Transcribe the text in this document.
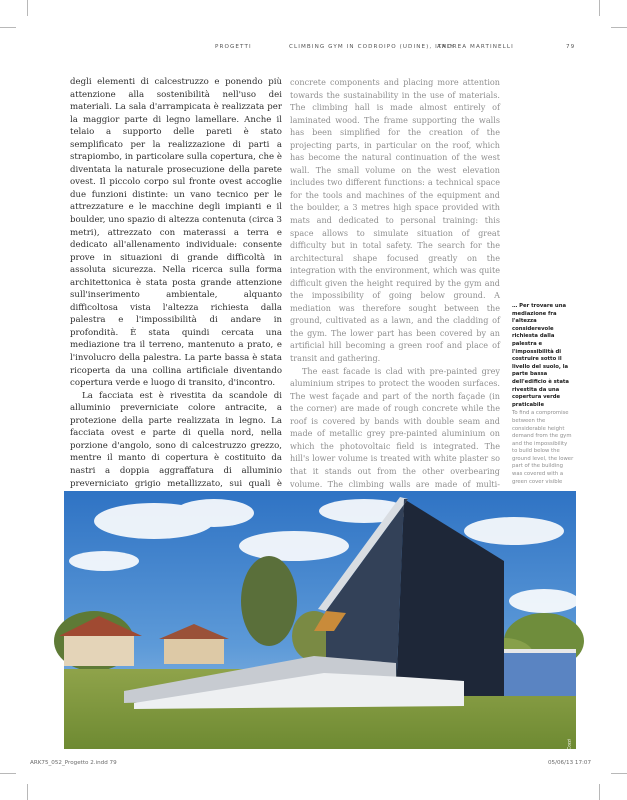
PROGETTI	CLIMBING GYM IN CODROIPO (UDINE), ITALY
ANDREA MARTINELLI	79

degli elementi di calcestruzzo e ponendo più attenzione alla sostenibilità nell'uso dei materiali. La sala d'arrampicata è realizzata per la maggior parte di legno lamellare. Anche il telaio a supporto delle pareti è stato semplificato per la realizzazione di parti a strapiombo, in particolare sulla copertura, che è diventata la naturale prosecuzione della parete ovest. Il piccolo corpo sul fronte ovest accoglie due funzioni distinte: un vano tecnico per le attrezzature e le macchine degli impianti e il boulder, uno spazio di altezza contenuta (circa 3 metri), attrezzato con materassi a terra e dedicato all'allenamento individuale: consente prove in situazioni di grande difficoltà in assoluta sicurezza. Nella ricerca sulla forma architettonica è stata posta grande attenzione sull'inserimento ambientale, alquanto difficoltosa vista l'altezza richiesta dalla palestra e l'impossibilità di andare in profondità. È stata quindi cercata una mediazione tra il terreno, mantenuto a prato, e l'involucro della palestra. La parte bassa è stata ricoperta da una collina artificiale diventando copertura verde e luogo di transito, d'incontro.

La facciata est è rivestita da scandole di alluminio preverniciate colore antracite, a protezione della parte realizzata in legno. La facciata ovest e parte di quella nord, nella porzione d'angolo, sono di calcestruzzo grezzo, mentre il manto di copertura è costituito da nastri a doppia aggraffatura di alluminio preverniciato grigio metallizzato, sui quali è

concrete components and placing more attention towards the sustainability in the use of materials. The climbing hall is made almost entirely of laminated wood. The frame supporting the walls has been simplified for the creation of the projecting parts, in particular on the roof, which has become the natural continuation of the west wall. The small volume on the west elevation includes two different functions: a technical space for the tools and machines of the equipment and the boulder, a 3 metres high space provided with mats and dedicated to personal training: this space allows to simulate situation of great difficulty but in total safety. The search for the architectural shape focused greatly on the integration with the environment, which was quite difficult given the height required by the gym and the impossibility of going below ground. A mediation was therefore sought between the ground, cultivated as a lawn, and the cladding of the gym. The lower part has been covered by an artificial hill becoming a green roof and place of transit and gathering.

The east facade is clad with pre-painted grey aluminium stripes to protect the wooden surfaces. The west façade and part of the north façade (in the corner) are made of rough concrete while the roof is covered by bands with double seam and made of metallic grey pre-painted aluminium on which the photovoltaic field is integrated. The hill's lower volume is treated with white plaster so that it stands out from the other overbearing volume. The climbing walls are made of multi-

… Per trovare una mediazione fra l'altezza considerevole richiesta dalla palestra e l'impossibilità di costruire sotto il livello del suolo, la parte bassa dell'edificio è stata rivestita da una copertura verde praticabile
To find a compromise between the considerable height demand from the gym and the impossibility to build below the ground level, the lower part of the building was covered with a green cover visible
Beppe Cozzi
ARK75_052_Progetto 2.indd 79	05/06/13 17:07
